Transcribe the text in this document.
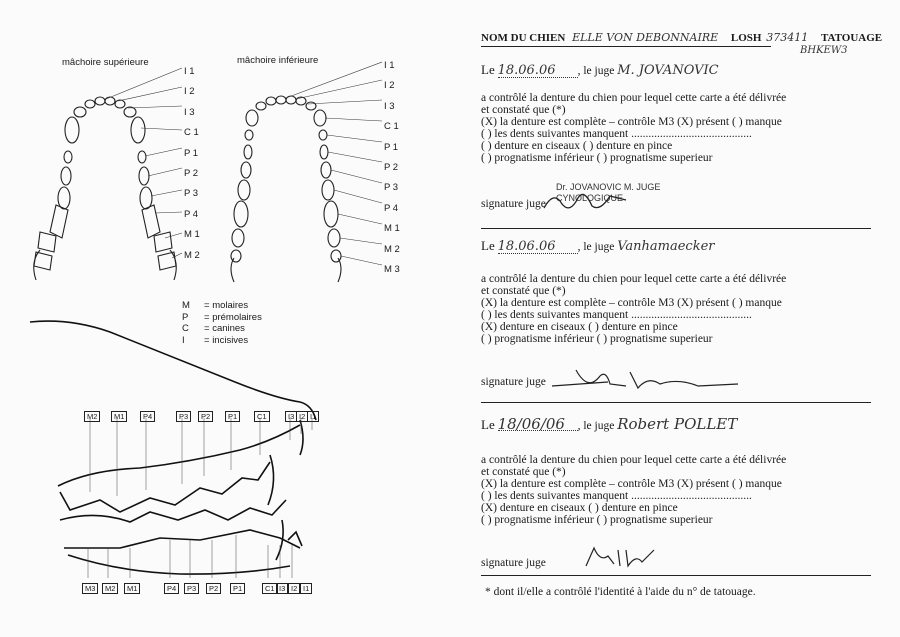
mâchoire supérieure	mâchoire inférieure
I 1
I 2
I 3
C 1
P 1
P 2
P 3
P 4
M 1
M 2
I 1
I 2
I 3
C 1
P 1
P 2
P 3
P 4
M 1
M 2
M 3
M = molaires
P = prémolaires
C = canines
I = incisives
M2	M1	P4	P3	P2	P1	C1	I3 I2 I1
M3	M2	M1	P4	P3	P2	P1	C1 I3 I2 I1
NOM DU CHIEN ELLE VON DEBONNAIRE LOSH 373411 TATOUAGE
BHKEW3
Le 18.06.06 , le juge M. JOVANOVIC
a contrôlé la denture du chien pour lequel cette carte a été délivrée
et constaté que (*)
(X) la denture est complète – contrôle M3 (X) présent ( ) manque
( ) les dents suivantes manquent ..........................................
( ) denture en ciseaux ( ) denture en pince
( ) prognatisme inférieur ( ) prognatisme superieur
Dr. JOVANOVIC M. JUGE CYNOLOGIQUE
signature juge
Le 18.06.06 , le juge Vanhamaecker
a contrôlé la denture du chien pour lequel cette carte a été délivrée
et constaté que (*)
(X) la denture est complète – contrôle M3 (X) présent ( ) manque
( ) les dents suivantes manquent ..........................................
(X) denture en ciseaux ( ) denture en pince
( ) prognatisme inférieur ( ) prognatisme superieur
signature juge
Le 18/06/06 , le juge Robert POLLET
a contrôlé la denture du chien pour lequel cette carte a été délivrée
et constaté que (*)
(X) la denture est complète – contrôle M3 (X) présent ( ) manque
( ) les dents suivantes manquent ..........................................
(X) denture en ciseaux ( ) denture en pince
( ) prognatisme inférieur ( ) prognatisme superieur
signature juge
* dont il/elle a contrôlé l'identité à l'aide du n° de tatouage.
